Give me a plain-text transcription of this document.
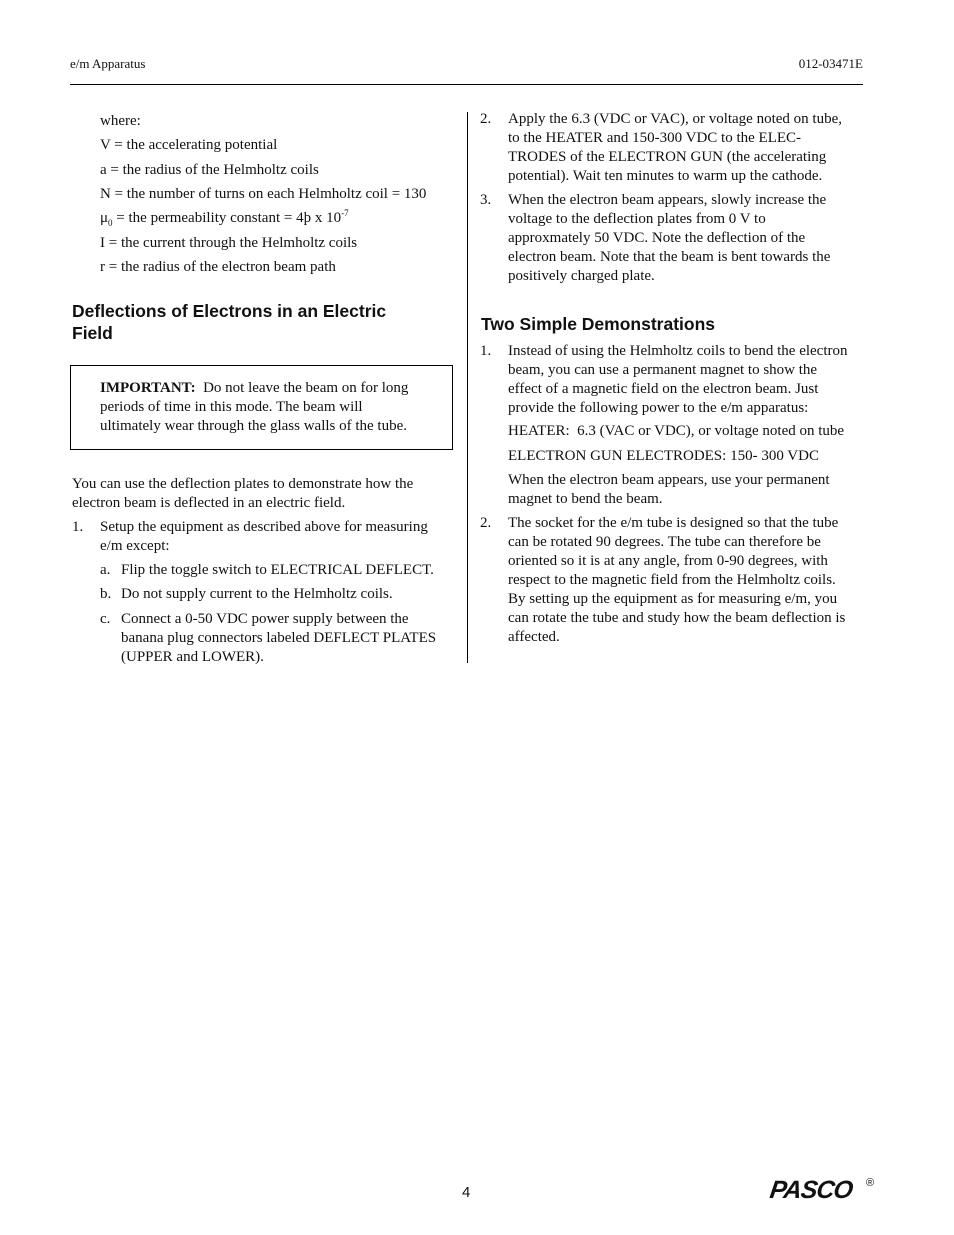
e/m Apparatus	012-03471E
where:
V = the accelerating potential
a = the radius of the Helmholtz coils
N = the number of turns on each Helmholtz coil = 130
$\mu_0$ = the permeability constant = 4þ x $10^{-7}$
I = the current through the Helmholtz coils
r = the radius of the electron beam path
Deflections of Electrons in an Electric
Field
IMPORTANT:  Do not leave the beam on for long
periods of time in this mode. The beam will
ultimately wear through the glass walls of the tube.
You can use the deflection plates to demonstrate how the
electron beam is deflected in an electric field.
1.	Setup the equipment as described above for measuring
e/m except:
a. Flip the toggle switch to ELECTRICAL DEFLECT.
b. Do not supply current to the Helmholtz coils.
c. Connect a 0-50 VDC power supply between the
banana plug connectors labeled DEFLECT PLATES
(UPPER and LOWER).
2.	Apply the 6.3 (VDC or VAC), or voltage noted on tube,
to the HEATER and 150-300 VDC to the ELEC-
TRODES of the ELECTRON GUN (the accelerating
potential). Wait ten minutes to warm up the cathode.
3.	When the electron beam appears, slowly increase the
voltage to the deflection plates from 0 V to
approxmately 50 VDC. Note the deflection of the
electron beam. Note that the beam is bent towards the
positively charged plate.
Two Simple Demonstrations
1.	Instead of using the Helmholtz coils to bend the electron
beam, you can use a permanent magnet to show the
effect of a magnetic field on the electron beam. Just
provide the following power to the e/m apparatus:
HEATER:  6.3 (VAC or VDC), or voltage noted on tube
ELECTRON GUN ELECTRODES: 150- 300 VDC
When the electron beam appears, use your permanent
magnet to bend the beam.
2.	The socket for the e/m tube is designed so that the tube
can be rotated 90 degrees. The tube can therefore be
oriented so it is at any angle, from 0-90 degrees, with
respect to the magnetic field from the Helmholtz coils.
By setting up the equipment as for measuring e/m, you
can rotate the tube and study how the beam deflection is
affected.
4	PASCO ®
